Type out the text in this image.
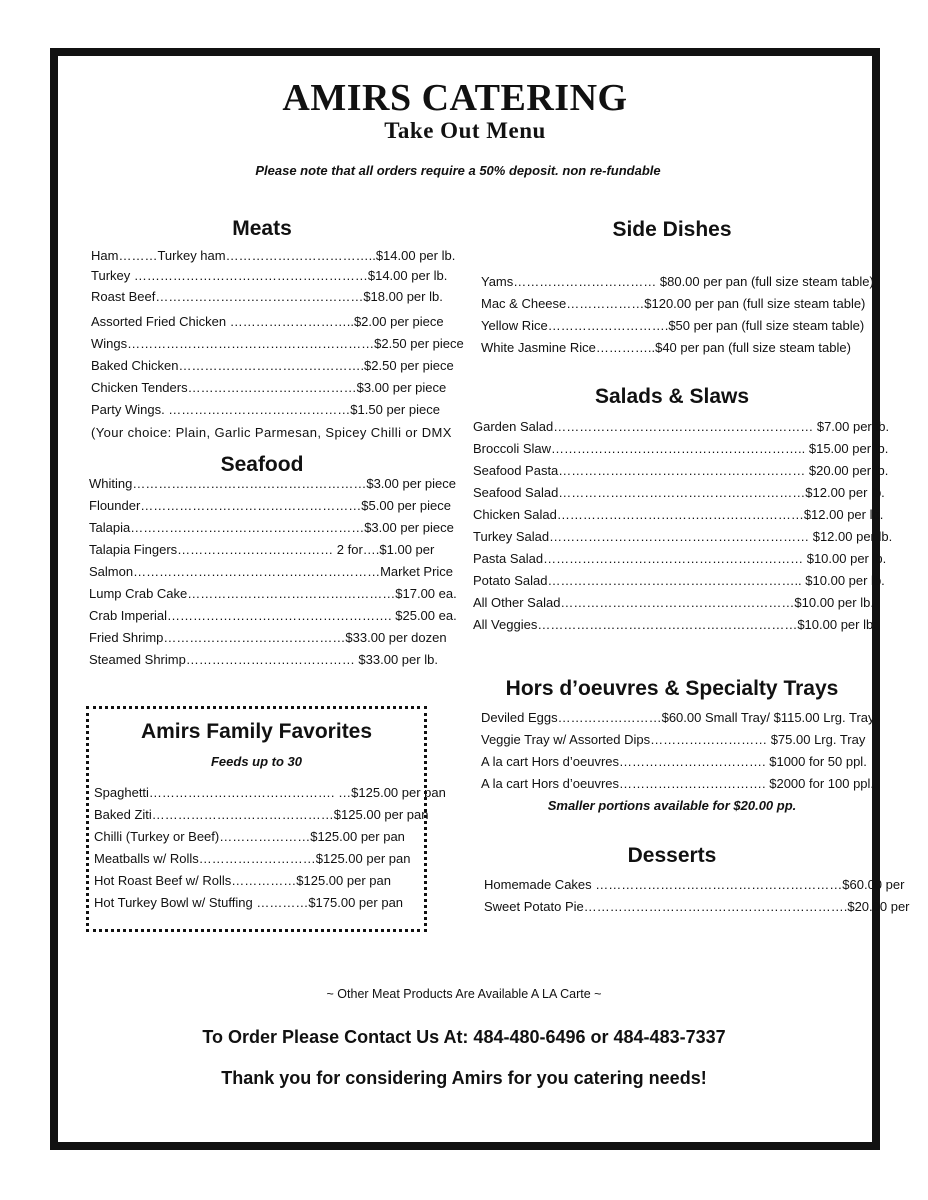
AMIRS CATERING
Take Out Menu
Please note that all orders require a 50% deposit. non re-fundable
Meats
Ham………Turkey ham……………………………..$14.00 per lb.
Turkey ………………………………………………$14.00 per lb.
Roast Beef…………………………………………$18.00 per lb.
Assorted Fried Chicken ………………………..$2.00 per piece
Wings…………………………………………………$2.50 per piece
Baked Chicken…………………………………….$2.50 per piece
Chicken Tenders…………………………………$3.00 per piece
Party Wings. ……………………………………$1.50 per piece
(Your choice: Plain, Garlic Parmesan, Spicey Chilli or DMX
Seafood
Whiting………………………………………………$3.00 per piece
Flounder……………………………………………$5.00 per piece
Talapia………………………………………………$3.00 per piece
Talapia Fingers……………………………… 2 for….$1.00 per
Salmon…………………………………………………Market Price
Lump Crab Cake…………………………………………$17.00 ea.
Crab Imperial……………………………………………. $25.00 ea.
Fried Shrimp……………………………………$33.00 per dozen
Steamed Shrimp………………………………… $33.00 per lb.
Amirs Family Favorites
Feeds up to 30
Spaghetti……………………………………. …$125.00 per pan
Baked Ziti……………………………………$125.00 per pan
Chilli (Turkey or Beef)…………………$125.00 per pan
Meatballs w/ Rolls………………………$125.00 per pan
Hot Roast Beef w/ Rolls……………$125.00 per pan
Hot Turkey Bowl w/ Stuffing …………$175.00 per pan
Side Dishes
Yams…………………………… $80.00 per pan (full size steam table)
Mac & Cheese………………$120.00 per pan (full size steam table)
Yellow Rice……………………….$50 per pan (full size steam table)
White Jasmine Rice…………..$40 per pan (full size steam table)
Salads & Slaws
Garden Salad…………………………………………………… $7.00 per lb.
Broccoli Slaw………………………………………………….. $15.00 per lb.
Seafood Pasta………………………………………………… $20.00 per lb.
Seafood Salad…………………………………………………$12.00 per lb.
Chicken Salad…………………………………………………$12.00 per lb.
Turkey Salad…………………………………………………… $12.00 per lb.
Pasta Salad…………………………………………………… $10.00 per lb.
Potato Salad………………………………………………….. $10.00 per lb.
All Other Salad………………………………………………$10.00 per lb.
All Veggies……………………………………………………$10.00 per lb.
Hors d’oeuvres & Specialty Trays
Deviled Eggs……………………$60.00 Small Tray/ $115.00 Lrg. Tray
Veggie Tray w/ Assorted Dips……………………… $75.00 Lrg. Tray
A la cart Hors d’oeuvres……………………………. $1000 for 50 ppl.
A la cart Hors d’oeuvres……………………………. $2000 for 100 ppl.
Smaller portions available for $20.00 pp.
Desserts
Homemade Cakes …………………………………………………$60.00 per
Sweet Potato Pie…………………………………………………….$20.00 per
~ Other Meat Products Are Available A LA Carte ~
To Order Please Contact Us At: 484-480-6496 or 484-483-7337
Thank you for considering Amirs for you catering needs!
